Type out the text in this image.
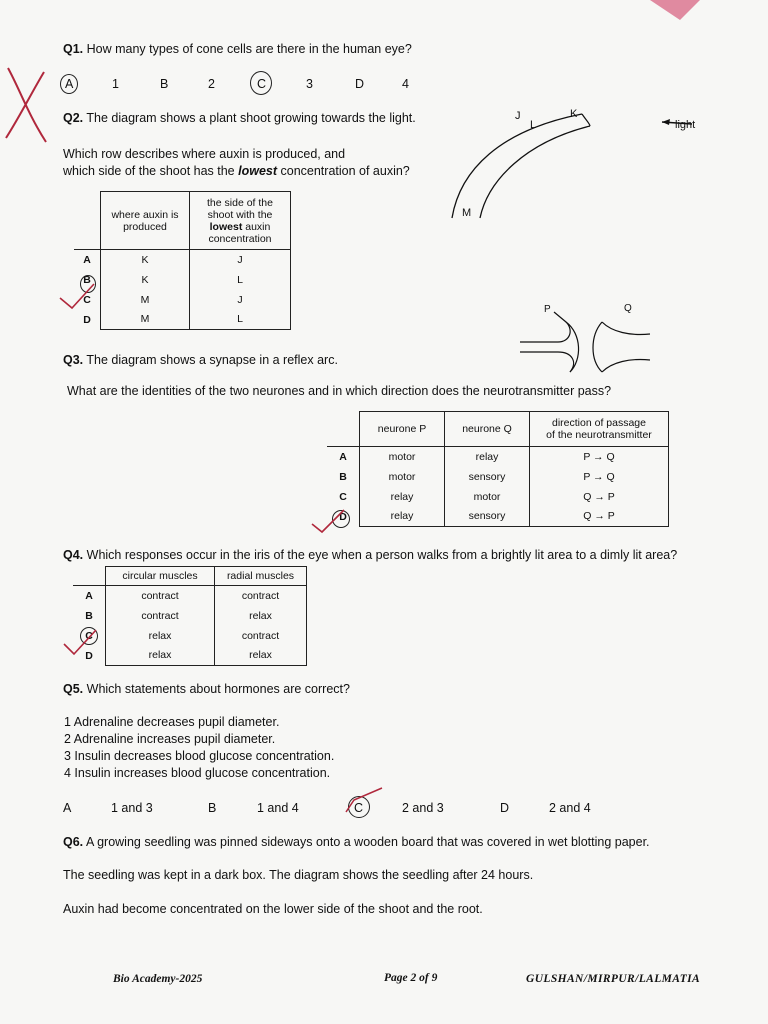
Q1. How many types of cone cells are there in the human eye?
A	1	B	2	C	3	D	4
Q2. The diagram shows a plant shoot growing towards the light.
Which row describes where auxin is produced, and
which side of the shoot has the lowest concentration of auxin?
J
L
K
M
light
	where auxin is produced	the side of the shoot with the
lowest auxin concentration
A	K	J
B	K	L
C	M	J
D	M	L
Q3. The diagram shows a synapse in a reflex arc.
P	Q
What are the identities of the two neurones and in which direction does the neurotransmitter pass?
	neurone P	neurone Q	direction of passage
of the neurotransmitter
A	motor	relay	P → Q
B	motor	sensory	P → Q
C	relay	motor	Q → P
D	relay	sensory	Q → P
Q4. Which responses occur in the iris of the eye when a person walks from a brightly lit area to a dimly lit area?
	circular muscles	radial muscles
A	contract	contract
B	contract	relax
C	relax	contract
D	relax	relax
Q5. Which statements about hormones are correct?
1 Adrenaline decreases pupil diameter.
2 Adrenaline increases pupil diameter.
3 Insulin decreases blood glucose concentration.
4 Insulin increases blood glucose concentration.
A	1 and 3	B	1 and 4	C	2 and 3	D	2 and 4
Q6. A growing seedling was pinned sideways onto a wooden board that was covered in wet blotting paper.
The seedling was kept in a dark box. The diagram shows the seedling after 24 hours.
Auxin had become concentrated on the lower side of the shoot and the root.
Bio Academy-2025	Page 2 of 9	GULSHAN/MIRPUR/LALMATIA
